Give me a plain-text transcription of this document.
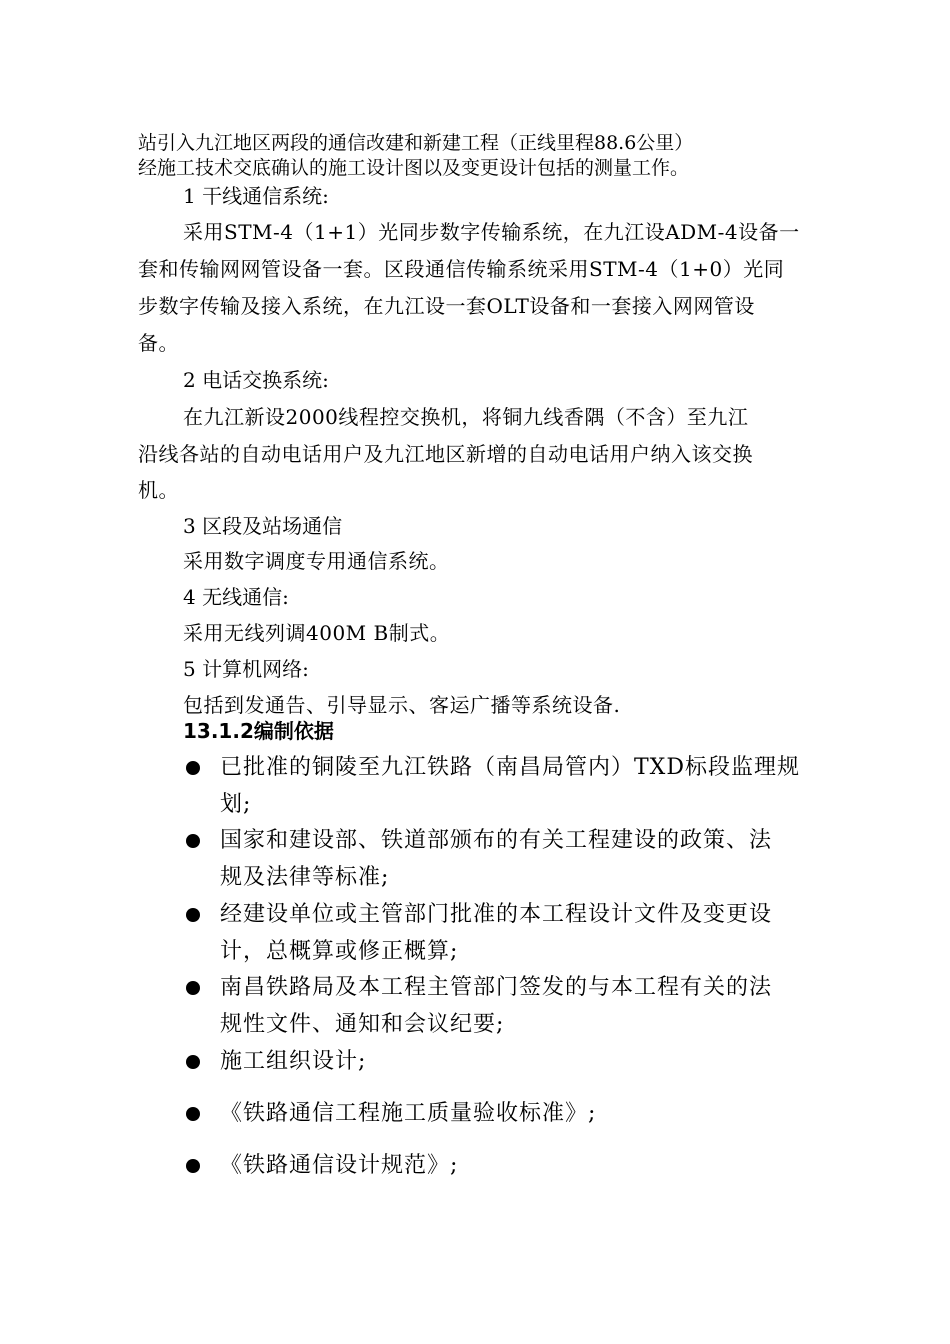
站引入九江地区两段的通信改建和新建工程（正线里程88.6公里）
经施工技术交底确认的施工设计图以及变更设计包括的测量工作。
1 干线通信系统:
采用STM-4（1+1）光同步数字传输系统，在九江设ADM-4设备一
套和传输网网管设备一套。区段通信传输系统采用STM-4（1+0）光同
步数字传输及接入系统，在九江设一套OLT设备和一套接入网网管设
备。
2 电话交换系统:
在九江新设2000线程控交换机，将铜九线香隅（不含）至九江
沿线各站的自动电话用户及九江地区新增的自动电话用户纳入该交换
机。
3 区段及站场通信
采用数字调度专用通信系统。
4 无线通信:
采用无线列调400M B制式。
5 计算机网络:
包括到发通告、引导显示、客运广播等系统设备.
13.1.2编制依据
已批准的铜陵至九江铁路（南昌局管内）TXD标段监理规
划;
国家和建设部、铁道部颁布的有关工程建设的政策、法
规及法律等标准;
经建设单位或主管部门批准的本工程设计文件及变更设
计，总概算或修正概算;
南昌铁路局及本工程主管部门签发的与本工程有关的法
规性文件、通知和会议纪要;
施工组织设计;
《铁路通信工程施工质量验收标准》;
《铁路通信设计规范》;
